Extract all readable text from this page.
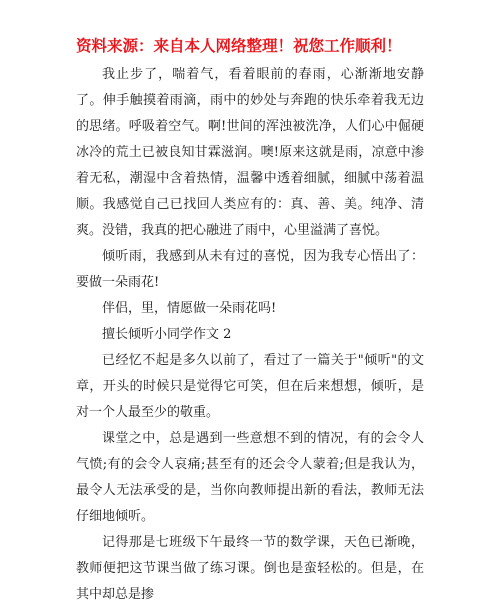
资料来源：来自本人网络整理！祝您工作顺利！

我止步了，喘着气，看着眼前的春雨，心渐渐地安静了。伸手触摸着雨滴，雨中的妙处与奔跑的快乐牵着我无边的思绪。呼吸着空气。啊!世间的浑浊被洗净，人们心中倔硬冰冷的荒土已被良知甘霖滋润。噢!原来这就是雨，凉意中渗着无私，潮湿中含着热情，温馨中透着细腻，细腻中荡着温顺。我感觉自己已找回人类应有的：真、善、美。纯净、清爽。没错，我真的把心融进了雨中，心里溢满了喜悦。

倾听雨，我感到从未有过的喜悦，因为我专心悟出了：要做一朵雨花!

伴侣，里，情愿做一朵雨花吗!

擅长倾听小同学作文 2

已经忆不起是多久以前了，看过了一篇关于"倾听"的文章，开头的时候只是觉得它可笑，但在后来想想，倾听，是对一个人最至少的敬重。

课堂之中，总是遇到一些意想不到的情况，有的会令人气愤;有的会令人哀痛;甚至有的还会令人蒙着;但是我认为，最令人无法承受的是，当你向教师提出新的看法，教师无法仔细地倾听。

记得那是七班级下午最终一节的数学课，天色已渐晚，教师便把这节课当做了练习课。倒也是蛮轻松的。但是，在其中却总是掺
